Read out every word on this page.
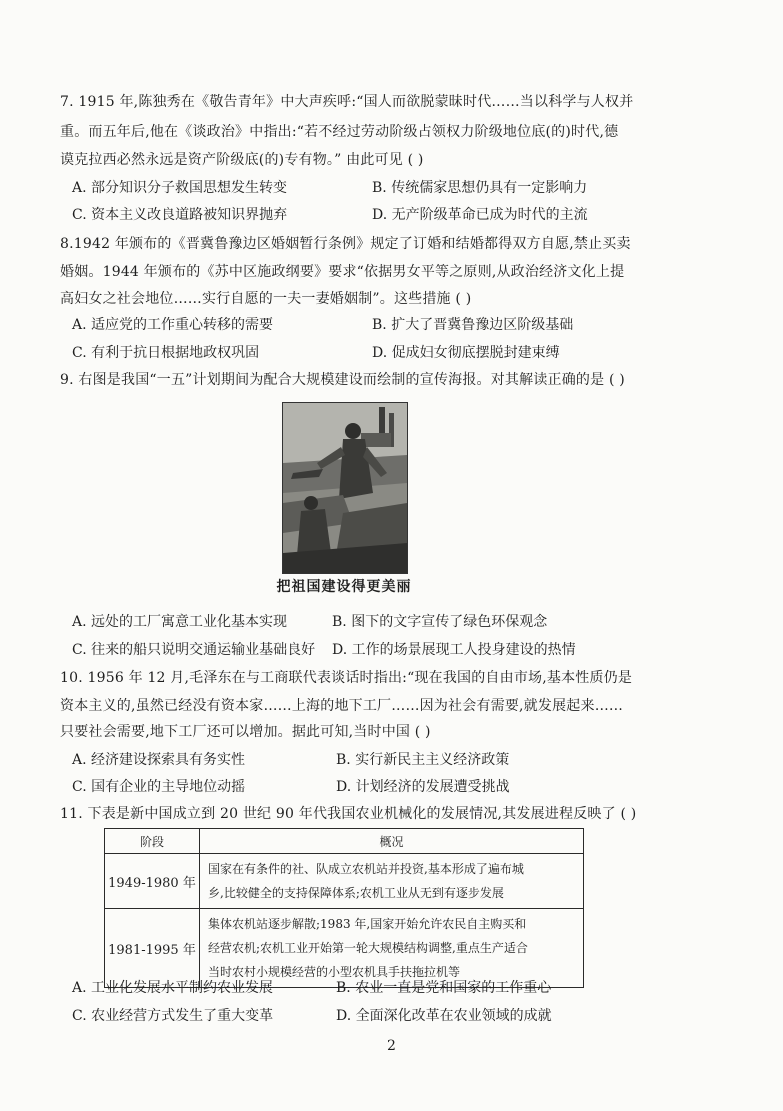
7. 1915 年,陈独秀在《敬告青年》中大声疾呼:“国人而欲脱蒙昧时代……当以科学与人权并
重。而五年后,他在《谈政治》中指出:“若不经过劳动阶级占领权力阶级地位底(的)时代,德
谟克拉西必然永远是资产阶级底(的)专有物。” 由此可见 ( )
A. 部分知识分子救国思想发生转变	B. 传统儒家思想仍具有一定影响力
C. 资本主义改良道路被知识界抛弃	D. 无产阶级革命已成为时代的主流
8.1942 年颁布的《晋冀鲁豫边区婚姻暂行条例》规定了订婚和结婚都得双方自愿,禁止买卖
婚姻。1944 年颁布的《苏中区施政纲要》要求“依据男女平等之原则,从政治经济文化上提
高妇女之社会地位……实行自愿的一夫一妻婚姻制”。这些措施 ( )
A. 适应党的工作重心转移的需要	B. 扩大了晋冀鲁豫边区阶级基础
C. 有利于抗日根据地政权巩固	D. 促成妇女彻底摆脱封建束缚
9. 右图是我国“一五”计划期间为配合大规模建设而绘制的宣传海报。对其解读正确的是 ( )
把祖国建设得更美丽
A. 远处的工厂寓意工业化基本实现	B. 图下的文字宣传了绿色环保观念
C. 往来的船只说明交通运输业基础良好 D. 工作的场景展现工人投身建设的热情
10. 1956 年 12 月,毛泽东在与工商联代表谈话时指出:“现在我国的自由市场,基本性质仍是
资本主义的,虽然已经没有资本家……上海的地下工厂……因为社会有需要,就发展起来……
只要社会需要,地下工厂还可以增加。据此可知,当时中国 ( )
A. 经济建设探索具有务实性	B. 实行新民主主义经济政策
C. 国有企业的主导地位动摇	D. 计划经济的发展遭受挑战
11. 下表是新中国成立到 20 世纪 90 年代我国农业机械化的发展情况,其发展进程反映了 ( )
阶段	概况
1949-1980 年	国家在有条件的社、队成立农机站并投资,基本形成了遍布城
乡,比较健全的支持保障体系;农机工业从无到有逐步发展

1981-1995 年	集体农机站逐步解散;1983 年,国家开始允许农民自主购买和
经营农机;农机工业开始第一轮大规模结构调整,重点生产适合
当时农村小规模经营的小型农机具手扶拖拉机等
A. 工业化发展水平制约农业发展	B. 农业一直是党和国家的工作重心
C. 农业经营方式发生了重大变革	D. 全面深化改革在农业领域的成就
2
